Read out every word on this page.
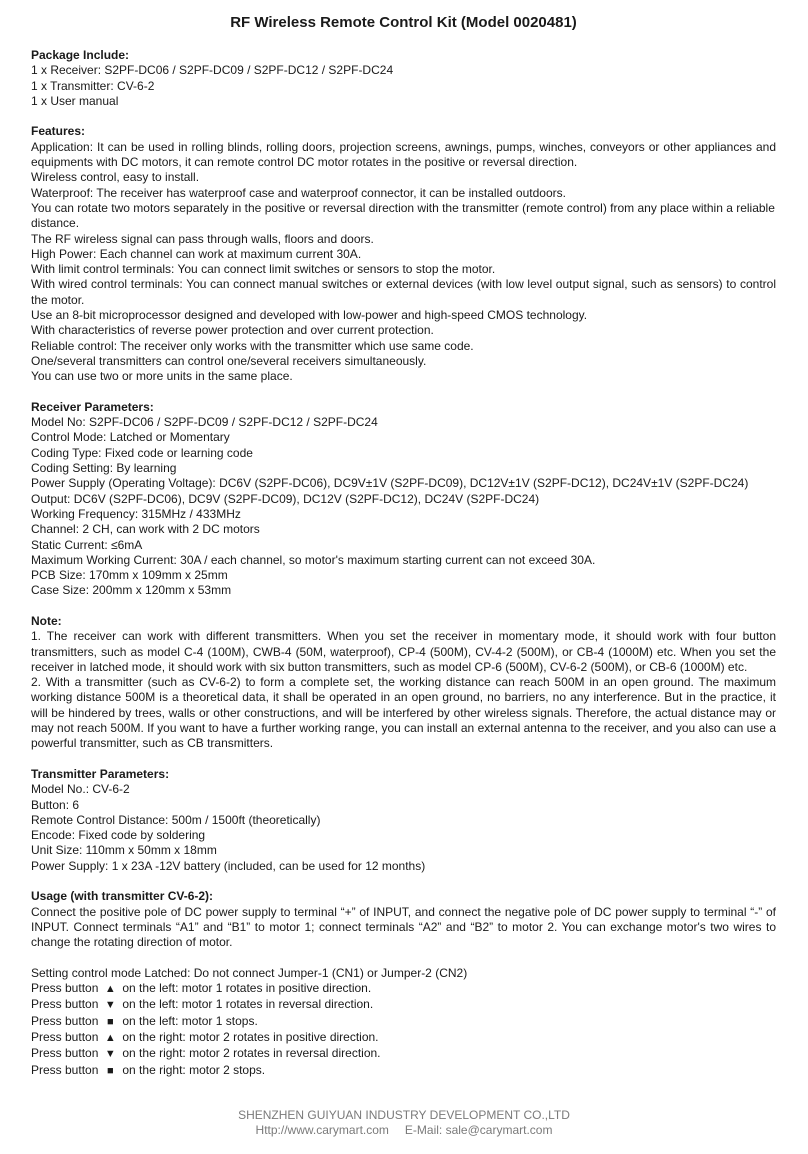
RF Wireless Remote Control Kit (Model 0020481)

Package Include:

1 x Receiver: S2PF-DC06 / S2PF-DC09 / S2PF-DC12 / S2PF-DC24

1 x Transmitter: CV-6-2

1 x User manual

Features:

Application: It can be used in rolling blinds, rolling doors, projection screens, awnings, pumps, winches, conveyors or other appliances and equipments with DC motors, it can remote control DC motor rotates in the positive or reversal direction.

Wireless control, easy to install.

Waterproof: The receiver has waterproof case and waterproof connector, it can be installed outdoors.

You can rotate two motors separately in the positive or reversal direction with the transmitter (remote control) from any place within a reliable distance.

The RF wireless signal can pass through walls, floors and doors.

High Power: Each channel can work at maximum current 30A.

With limit control terminals: You can connect limit switches or sensors to stop the motor.

With wired control terminals: You can connect manual switches or external devices (with low level output signal, such as sensors) to control the motor.

Use an 8-bit microprocessor designed and developed with low-power and high-speed CMOS technology.

With characteristics of reverse power protection and over current protection.

Reliable control: The receiver only works with the transmitter which use same code.

One/several transmitters can control one/several receivers simultaneously.

You can use two or more units in the same place.

Receiver Parameters:

Model No: S2PF-DC06 / S2PF-DC09 / S2PF-DC12 / S2PF-DC24

Control Mode: Latched or Momentary

Coding Type: Fixed code or learning code

Coding Setting: By learning

Power Supply (Operating Voltage): DC6V (S2PF-DC06), DC9V±1V (S2PF-DC09), DC12V±1V (S2PF-DC12), DC24V±1V (S2PF-DC24)

Output: DC6V (S2PF-DC06), DC9V (S2PF-DC09), DC12V (S2PF-DC12), DC24V (S2PF-DC24)

Working Frequency: 315MHz / 433MHz

Channel: 2 CH, can work with 2 DC motors

Static Current: ≤6mA

Maximum Working Current: 30A / each channel, so motor's maximum starting current can not exceed 30A.

PCB Size: 170mm x 109mm x 25mm

Case Size: 200mm x 120mm x 53mm

Note:

1. The receiver can work with different transmitters. When you set the receiver in momentary mode, it should work with four button transmitters, such as model C-4 (100M), CWB-4 (50M, waterproof), CP-4 (500M), CV-4-2 (500M), or CB-4 (1000M) etc. When you set the receiver in latched mode, it should work with six button transmitters, such as model CP-6 (500M), CV-6-2 (500M), or CB-6 (1000M) etc.

2. With a transmitter (such as CV-6-2) to form a complete set, the working distance can reach 500M in an open ground. The maximum working distance 500M is a theoretical data, it shall be operated in an open ground, no barriers, no any interference. But in the practice, it will be hindered by trees, walls or other constructions, and will be interfered by other wireless signals. Therefore, the actual distance may or may not reach 500M. If you want to have a further working range, you can install an external antenna to the receiver, and you also can use a powerful transmitter, such as CB transmitters.

Transmitter Parameters:

Model No.: CV-6-2

Button: 6

Remote Control Distance: 500m / 1500ft (theoretically)

Encode: Fixed code by soldering

Unit Size: 110mm x 50mm x 18mm

Power Supply: 1 x 23A -12V battery (included, can be used for 12 months)

Usage (with transmitter CV-6-2):

Connect the positive pole of DC power supply to terminal “+” of INPUT, and connect the negative pole of DC power supply to terminal “-” of INPUT. Connect terminals “A1” and “B1” to motor 1; connect terminals “A2” and “B2” to motor 2. You can exchange motor's two wires to change the rotating direction of motor.

Setting control mode Latched: Do not connect Jumper-1 (CN1) or Jumper-2 (CN2)

Press button ▲ on the left: motor 1 rotates in positive direction.

Press button ▼ on the left: motor 1 rotates in reversal direction.

Press button ■ on the left: motor 1 stops.

Press button ▲ on the right: motor 2 rotates in positive direction.

Press button ▼ on the right: motor 2 rotates in reversal direction.

Press button ■ on the right: motor 2 stops.

SHENZHEN GUIYUAN INDUSTRY DEVELOPMENT CO.,LTD

Http://www.carymart.com E-Mail: sale@carymart.com
